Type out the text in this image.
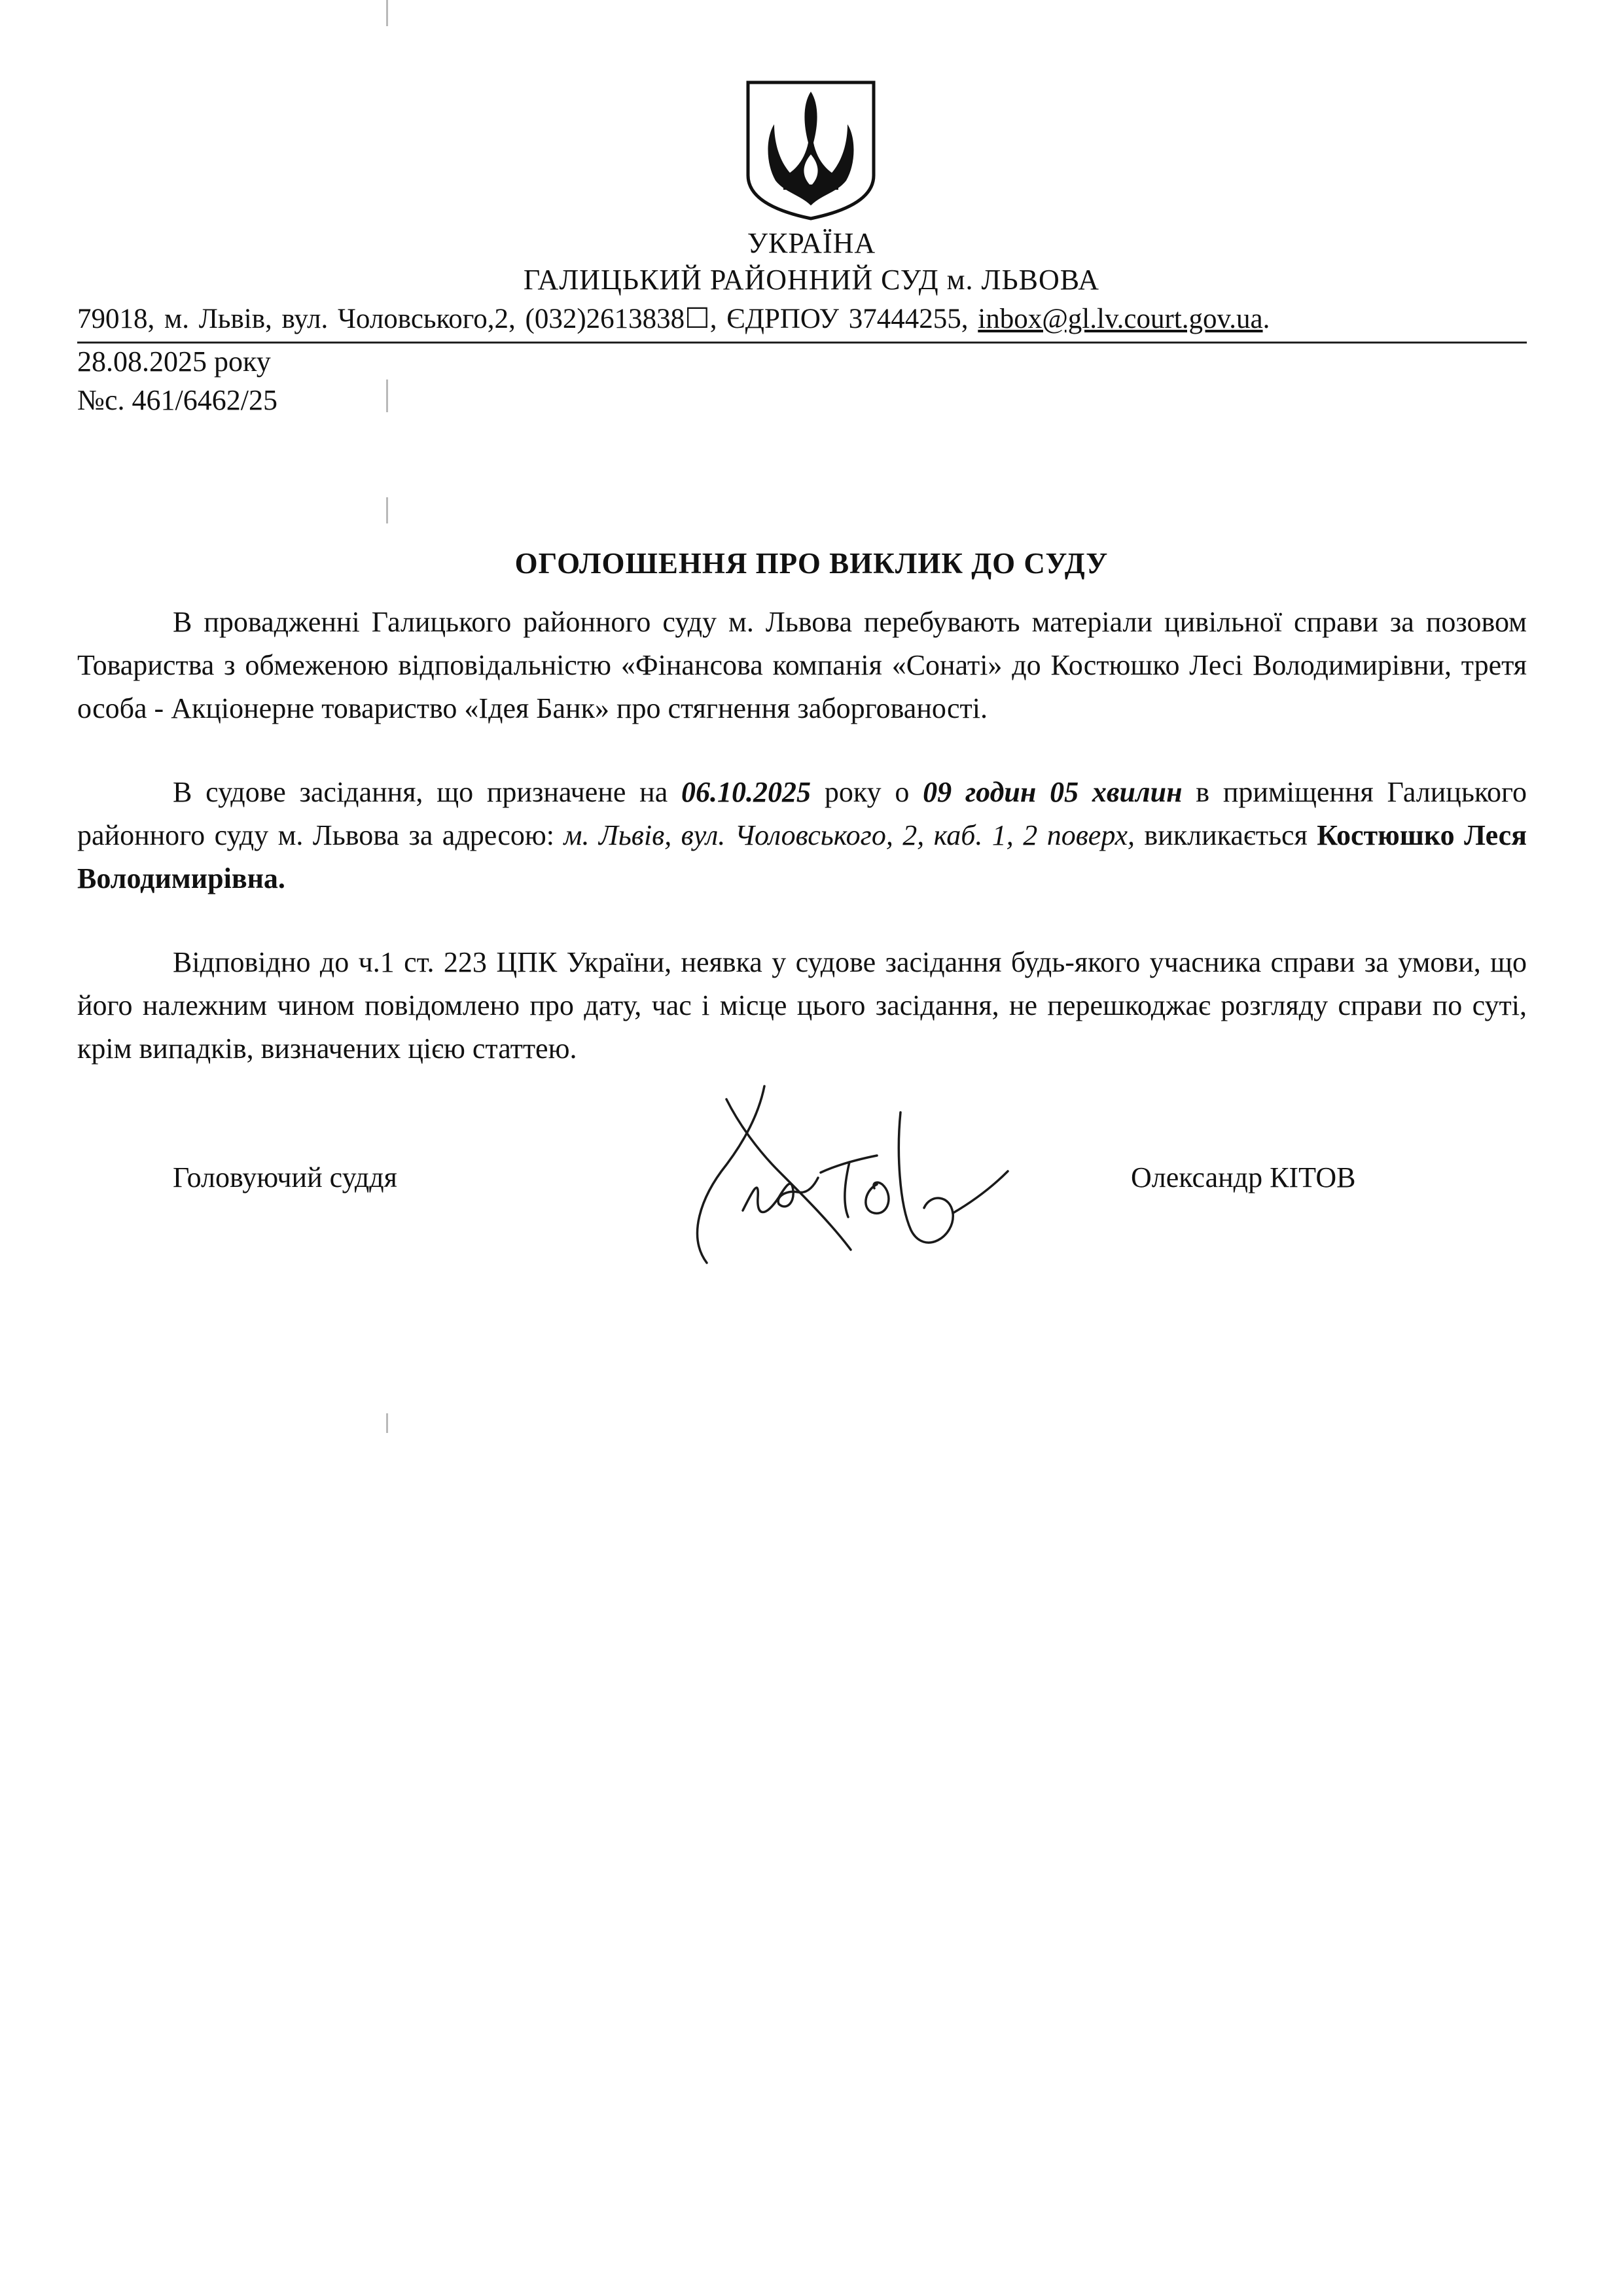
УКРАЇНА
ГАЛИЦЬКИЙ РАЙОННИЙ СУД м. ЛЬВОВА
79018, м. Львів, вул. Чоловського,2, (032)2613838☐, ЄДРПОУ 37444255, inbox@gl.lv.court.gov.ua.
28.08.2025 року
№с. 461/6462/25
ОГОЛОШЕННЯ ПРО ВИКЛИК ДО СУДУ
В провадженні Галицького районного суду м. Львова перебувають матеріали цивільної справи за позовом Товариства з обмеженою відповідальністю «Фінансова компанія «Сонаті» до Костюшко Лесі Володимирівни, третя особа - Акціонерне товариство «Ідея Банк» про стягнення заборгованості.
В судове засідання, що призначене на 06.10.2025 року о 09 годин 05 хвилин в приміщення Галицького районного суду м. Львова за адресою: м. Львів, вул. Чоловського, 2, каб. 1, 2 поверх, викликається Костюшко Леся Володимирівна.
Відповідно до ч.1 ст. 223 ЦПК України, неявка у судове засідання будь-якого учасника справи за умови, що його належним чином повідомлено про дату, час і місце цього засідання, не перешкоджає розгляду справи по суті, крім випадків, визначених цією статтею.
Головуючий суддя	Олександр КІТОВ
